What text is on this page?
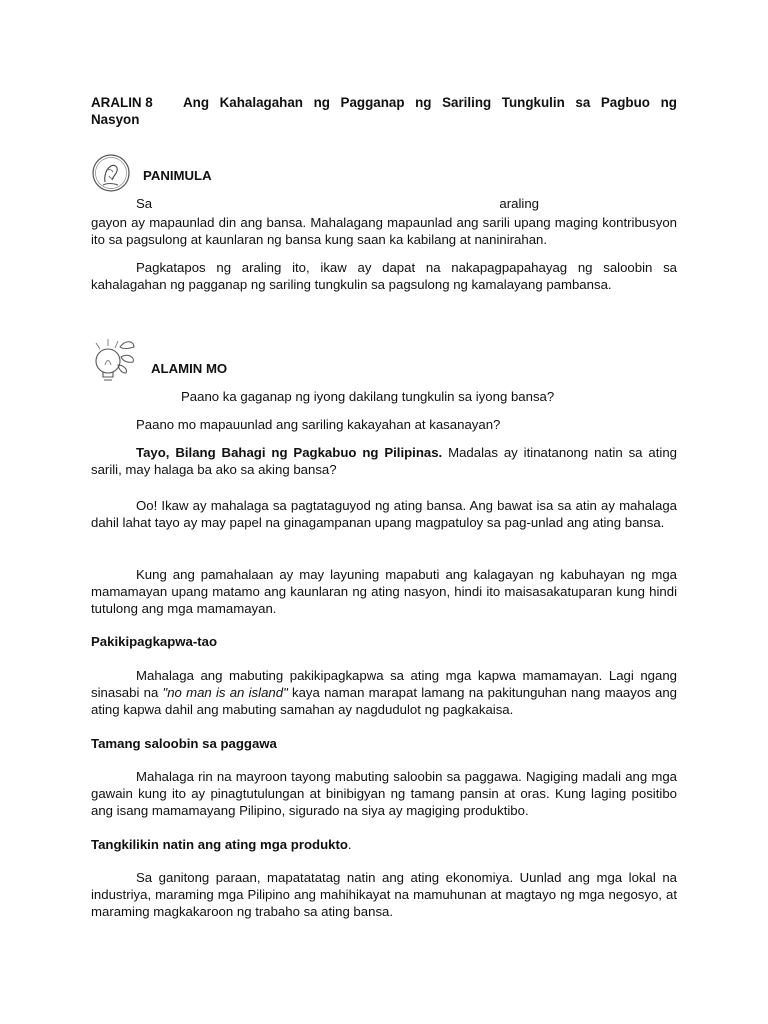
ARALIN 8	Ang Kahalagahan ng Pagganap ng Sariling Tungkulin sa Pagbuo ng
Nasyon
PANIMULA
Sa	araling

gayon ay mapaunlad din ang bansa. Mahalagang mapaunlad ang sarili upang maging kontribusyon ito sa pagsulong at kaunlaran ng bansa kung saan ka kabilang at naninirahan.

Pagkatapos ng araling ito, ikaw ay dapat na nakapagpapahayag ng saloobin sa kahalagahan ng pagganap ng sariling tungkulin sa pagsulong ng kamalayang pambansa.

ALAMIN MO

Paano ka gaganap ng iyong dakilang tungkulin sa iyong bansa?

Paano mo mapauunlad ang sariling kakayahan at kasanayan?

Tayo, Bilang Bahagi ng Pagkabuo ng Pilipinas. Madalas ay itinatanong natin sa ating sarili, may halaga ba ako sa aking bansa?

Oo! Ikaw ay mahalaga sa pagtataguyod ng ating bansa. Ang bawat isa sa atin ay mahalaga dahil lahat tayo ay may papel na ginagampanan upang magpatuloy sa pag-unlad ang ating bansa.

Kung ang pamahalaan ay may layuning mapabuti ang kalagayan ng kabuhayan ng mga mamamayan upang matamo ang kaunlaran ng ating nasyon, hindi ito maisasakatuparan kung hindi tutulong ang mga mamamayan.

Pakikipagkapwa-tao

Mahalaga ang mabuting pakikipagkapwa sa ating mga kapwa mamamayan. Lagi ngang sinasabi na "no man is an island" kaya naman marapat lamang na pakitunguhan nang maayos ang ating kapwa dahil ang mabuting samahan ay nagdudulot ng pagkakaisa.

Tamang saloobin sa paggawa

Mahalaga rin na mayroon tayong mabuting saloobin sa paggawa. Nagiging madali ang mga gawain kung ito ay pinagtutulungan at binibigyan ng tamang pansin at oras. Kung laging positibo ang isang mamamayang Pilipino, sigurado na siya ay magiging produktibo.

Tangkilikin natin ang ating mga produkto.

Sa ganitong paraan, mapatatatag natin ang ating ekonomiya. Uunlad ang mga lokal na industriya, maraming mga Pilipino ang mahihikayat na mamuhunan at magtayo ng mga negosyo, at maraming magkakaroon ng trabaho sa ating bansa.
